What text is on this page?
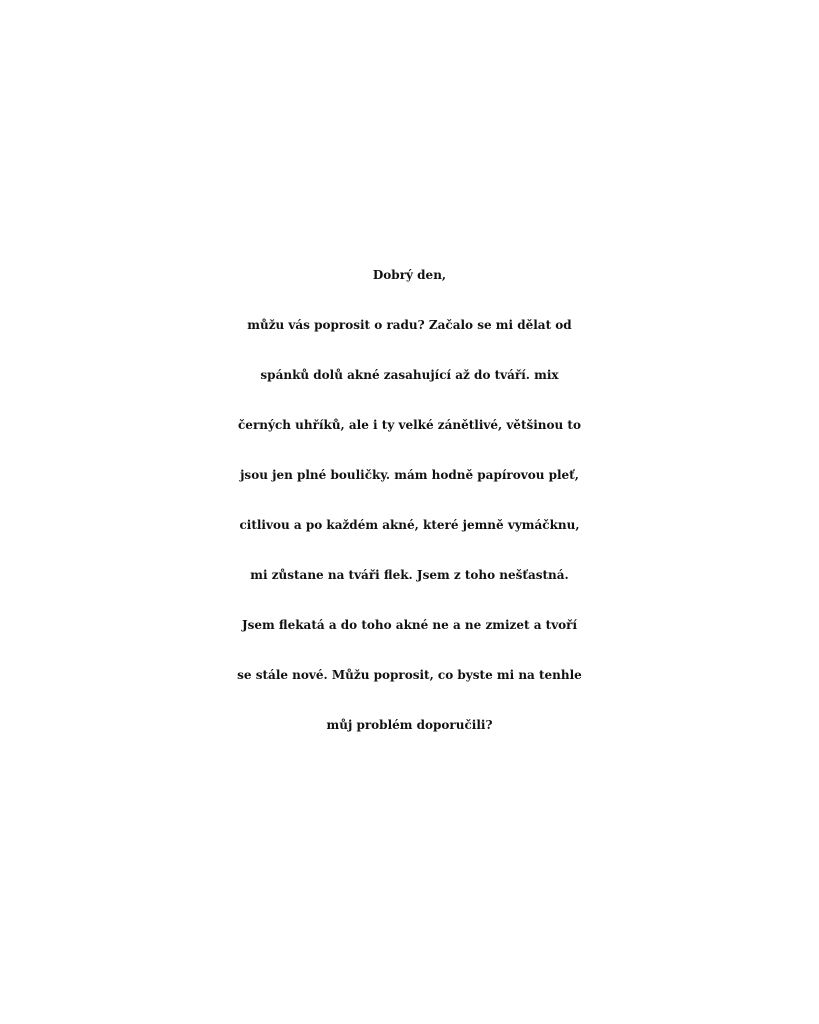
Dobrý den,
můžu vás poprosit o radu? Začalo se mi dělat od
spánků dolů akné zasahující až do tváří. mix
černých uhříků, ale i ty velké zánětlivé, většinou to
jsou jen plné bouličky. mám hodně papírovou pleť,
citlivou a po každém akné, které jemně vymáčknu,
mi zůstane na tváři flek. Jsem z toho nešťastná.
Jsem flekatá a do toho akné ne a ne zmizet a tvoří
se stále nové. Můžu poprosit, co byste mi na tenhle
můj problém doporučili?
